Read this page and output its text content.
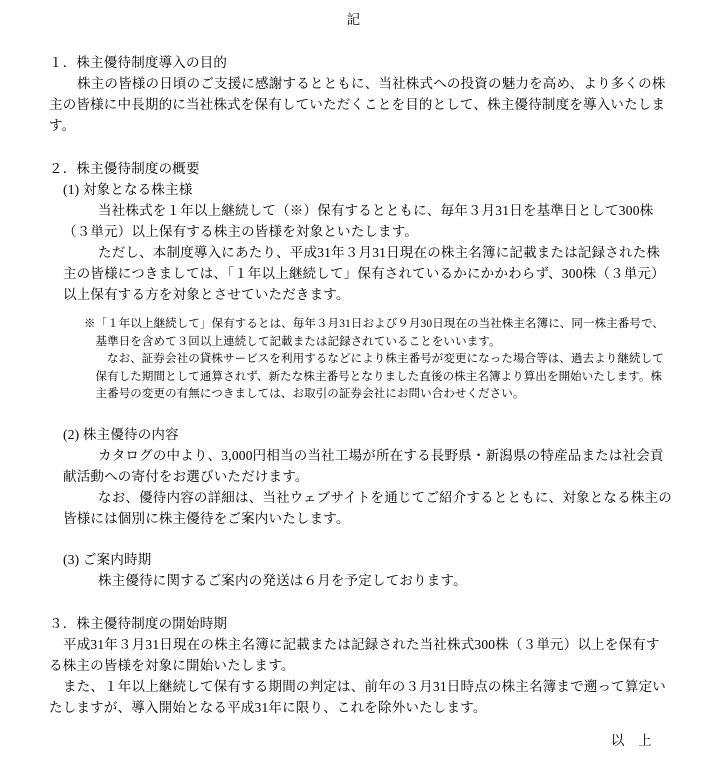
記
１．株主優待制度導入の目的

株主の皆様の日頃のご支援に感謝するとともに、当社株式への投資の魅力を高め、より多くの株主の皆様に中長期的に当社株式を保有していただくことを目的として、株主優待制度を導入いたします。

２．株主優待制度の概要
(1) 対象となる株主様

当社株式を１年以上継続して（※）保有するとともに、毎年３月31日を基準日として300株（３単元）以上保有する株主の皆様を対象といたします。

ただし、本制度導入にあたり、平成31年３月31日現在の株主名簿に記載または記録された株主の皆様につきましては、「１年以上継続して」保有されているかにかかわらず、300株（３単元）以上保有する方を対象とさせていただきます。

※「１年以上継続して」保有するとは、毎年３月31日および９月30日現在の当社株主名簿に、同一株主番号で、基準日を含めて３回以上連続して記載または記録されていることをいいます。

なお、証券会社の貸株サービスを利用するなどにより株主番号が変更になった場合等は、過去より継続して保有した期間として通算されず、新たな株主番号となりました直後の株主名簿より算出を開始いたします。株主番号の変更の有無につきましては、お取引の証券会社にお問い合わせください。

(2) 株主優待の内容

カタログの中より、3,000円相当の当社工場が所在する長野県・新潟県の特産品または社会貢献活動への寄付をお選びいただけます。

なお、優待内容の詳細は、当社ウェブサイトを通じてご紹介するとともに、対象となる株主の皆様には個別に株主優待をご案内いたします。

(3) ご案内時期

株主優待に関するご案内の発送は６月を予定しております。

３．株主優待制度の開始時期

平成31年３月31日現在の株主名簿に記載または記録された当社株式300株（３単元）以上を保有する株主の皆様を対象に開始いたします。

また、１年以上継続して保有する期間の判定は、前年の３月31日時点の株主名簿まで遡って算定いたしますが、導入開始となる平成31年に限り、これを除外いたします。

以　上
